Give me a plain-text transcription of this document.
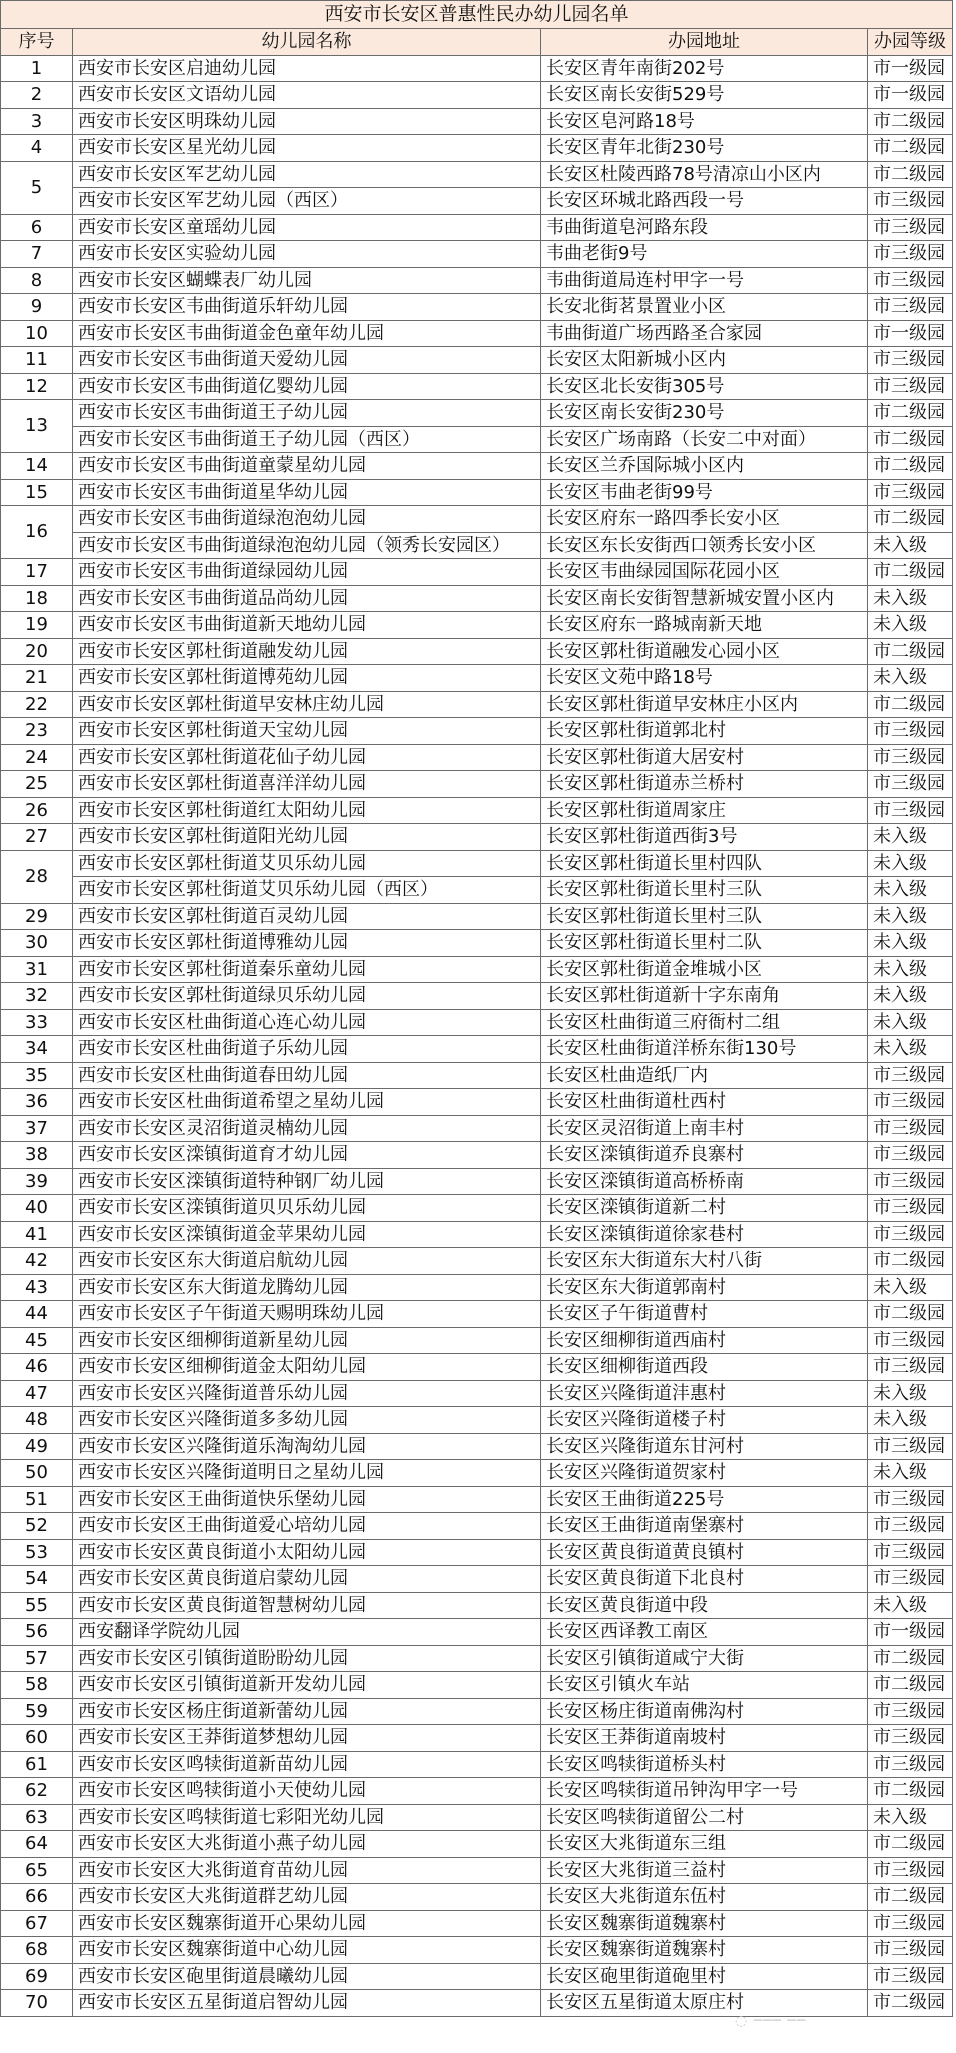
西安市长安区普惠性民办幼儿园名单			
序号	幼儿园名称	办园地址	办园等级
1	西安市长安区启迪幼儿园	长安区青年南街202号	市一级园
2	西安市长安区文语幼儿园	长安区南长安街529号	市一级园
3	西安市长安区明珠幼儿园	长安区皂河路18号	市二级园
4	西安市长安区星光幼儿园	长安区青年北街230号	市二级园
5	西安市长安区军艺幼儿园	长安区杜陵西路78号清凉山小区内	市二级园
	西安市长安区军艺幼儿园（西区）	长安区环城北路西段一号	市三级园
6	西安市长安区童瑶幼儿园	韦曲街道皂河路东段	市三级园
7	西安市长安区实验幼儿园	韦曲老街9号	市三级园
8	西安市长安区蝴蝶表厂幼儿园	韦曲街道局连村甲字一号	市三级园
9	西安市长安区韦曲街道乐轩幼儿园	长安北街茗景置业小区	市三级园
10	西安市长安区韦曲街道金色童年幼儿园	韦曲街道广场西路圣合家园	市一级园
11	西安市长安区韦曲街道天爱幼儿园	长安区太阳新城小区内	市三级园
12	西安市长安区韦曲街道亿婴幼儿园	长安区北长安街305号	市三级园
13	西安市长安区韦曲街道王子幼儿园	长安区南长安街230号	市二级园
	西安市长安区韦曲街道王子幼儿园（西区）	长安区广场南路（长安二中对面）	市二级园
14	西安市长安区韦曲街道童蒙星幼儿园	长安区兰乔国际城小区内	市二级园
15	西安市长安区韦曲街道星华幼儿园	长安区韦曲老街99号	市三级园
16	西安市长安区韦曲街道绿泡泡幼儿园	长安区府东一路四季长安小区	市二级园
	西安市长安区韦曲街道绿泡泡幼儿园（领秀长安园区）	长安区东长安街西口领秀长安小区	未入级
17	西安市长安区韦曲街道绿园幼儿园	长安区韦曲绿园国际花园小区	市二级园
18	西安市长安区韦曲街道品尚幼儿园	长安区南长安街智慧新城安置小区内	未入级
19	西安市长安区韦曲街道新天地幼儿园	长安区府东一路城南新天地	未入级
20	西安市长安区郭杜街道融发幼儿园	长安区郭杜街道融发心园小区	市二级园
21	西安市长安区郭杜街道博苑幼儿园	长安区文苑中路18号	未入级
22	西安市长安区郭杜街道早安林庄幼儿园	长安区郭杜街道早安林庄小区内	市二级园
23	西安市长安区郭杜街道天宝幼儿园	长安区郭杜街道郭北村	市三级园
24	西安市长安区郭杜街道花仙子幼儿园	长安区郭杜街道大居安村	市三级园
25	西安市长安区郭杜街道喜洋洋幼儿园	长安区郭杜街道赤兰桥村	市三级园
26	西安市长安区郭杜街道红太阳幼儿园	长安区郭杜街道周家庄	市三级园
27	西安市长安区郭杜街道阳光幼儿园	长安区郭杜街道西街3号	未入级
28	西安市长安区郭杜街道艾贝乐幼儿园	长安区郭杜街道长里村四队	未入级
	西安市长安区郭杜街道艾贝乐幼儿园（西区）	长安区郭杜街道长里村三队	未入级
29	西安市长安区郭杜街道百灵幼儿园	长安区郭杜街道长里村三队	未入级
30	西安市长安区郭杜街道博雅幼儿园	长安区郭杜街道长里村二队	未入级
31	西安市长安区郭杜街道秦乐童幼儿园	长安区郭杜街道金堆城小区	未入级
32	西安市长安区郭杜街道绿贝乐幼儿园	长安区郭杜街道新十字东南角	未入级
33	西安市长安区杜曲街道心连心幼儿园	长安区杜曲街道三府衙村二组	未入级
34	西安市长安区杜曲街道子乐幼儿园	长安区杜曲街道洋桥东街130号	未入级
35	西安市长安区杜曲街道春田幼儿园	长安区杜曲造纸厂内	市三级园
36	西安市长安区杜曲街道希望之星幼儿园	长安区杜曲街道杜西村	市三级园
37	西安市长安区灵沼街道灵楠幼儿园	长安区灵沼街道上南丰村	市三级园
38	西安市长安区滦镇街道育才幼儿园	长安区滦镇街道乔良寨村	市三级园
39	西安市长安区滦镇街道特种钢厂幼儿园	长安区滦镇街道高桥桥南	市三级园
40	西安市长安区滦镇街道贝贝乐幼儿园	长安区滦镇街道新二村	市三级园
41	西安市长安区滦镇街道金苹果幼儿园	长安区滦镇街道徐家巷村	市三级园
42	西安市长安区东大街道启航幼儿园	长安区东大街道东大村八街	市二级园
43	西安市长安区东大街道龙腾幼儿园	长安区东大街道郭南村	未入级
44	西安市长安区子午街道天赐明珠幼儿园	长安区子午街道曹村	市二级园
45	西安市长安区细柳街道新星幼儿园	长安区细柳街道西庙村	市三级园
46	西安市长安区细柳街道金太阳幼儿园	长安区细柳街道西段	市三级园
47	西安市长安区兴隆街道普乐幼儿园	长安区兴隆街道沣惠村	未入级
48	西安市长安区兴隆街道多多幼儿园	长安区兴隆街道楼子村	未入级
49	西安市长安区兴隆街道乐淘淘幼儿园	长安区兴隆街道东甘河村	市三级园
50	西安市长安区兴隆街道明日之星幼儿园	长安区兴隆街道贺家村	未入级
51	西安市长安区王曲街道快乐堡幼儿园	长安区王曲街道225号	市三级园
52	西安市长安区王曲街道爱心培幼儿园	长安区王曲街道南堡寨村	市三级园
53	西安市长安区黄良街道小太阳幼儿园	长安区黄良街道黄良镇村	市三级园
54	西安市长安区黄良街道启蒙幼儿园	长安区黄良街道下北良村	市三级园
55	西安市长安区黄良街道智慧树幼儿园	长安区黄良街道中段	未入级
56	西安翻译学院幼儿园	长安区西译教工南区	市一级园
57	西安市长安区引镇街道盼盼幼儿园	长安区引镇街道咸宁大街	市二级园
58	西安市长安区引镇街道新开发幼儿园	长安区引镇火车站	市二级园
59	西安市长安区杨庄街道新蕾幼儿园	长安区杨庄街道南佛沟村	市三级园
60	西安市长安区王莽街道梦想幼儿园	长安区王莽街道南坡村	市三级园
61	西安市长安区鸣犊街道新苗幼儿园	长安区鸣犊街道桥头村	市三级园
62	西安市长安区鸣犊街道小天使幼儿园	长安区鸣犊街道吊钟沟甲字一号	市二级园
63	西安市长安区鸣犊街道七彩阳光幼儿园	长安区鸣犊街道留公二村	未入级
64	西安市长安区大兆街道小燕子幼儿园	长安区大兆街道东三组	市二级园
65	西安市长安区大兆街道育苗幼儿园	长安区大兆街道三益村	市三级园
66	西安市长安区大兆街道群艺幼儿园	长安区大兆街道东伍村	市二级园
67	西安市长安区魏寨街道开心果幼儿园	长安区魏寨街道魏寨村	市三级园
68	西安市长安区魏寨街道中心幼儿园	长安区魏寨街道魏寨村	市三级园
69	西安市长安区砲里街道晨曦幼儿园	长安区砲里街道砲里村	市三级园
70	西安市长安区五星街道启智幼儿园	长安区五星街道太原庄村	市二级园
◌ ─── ──
